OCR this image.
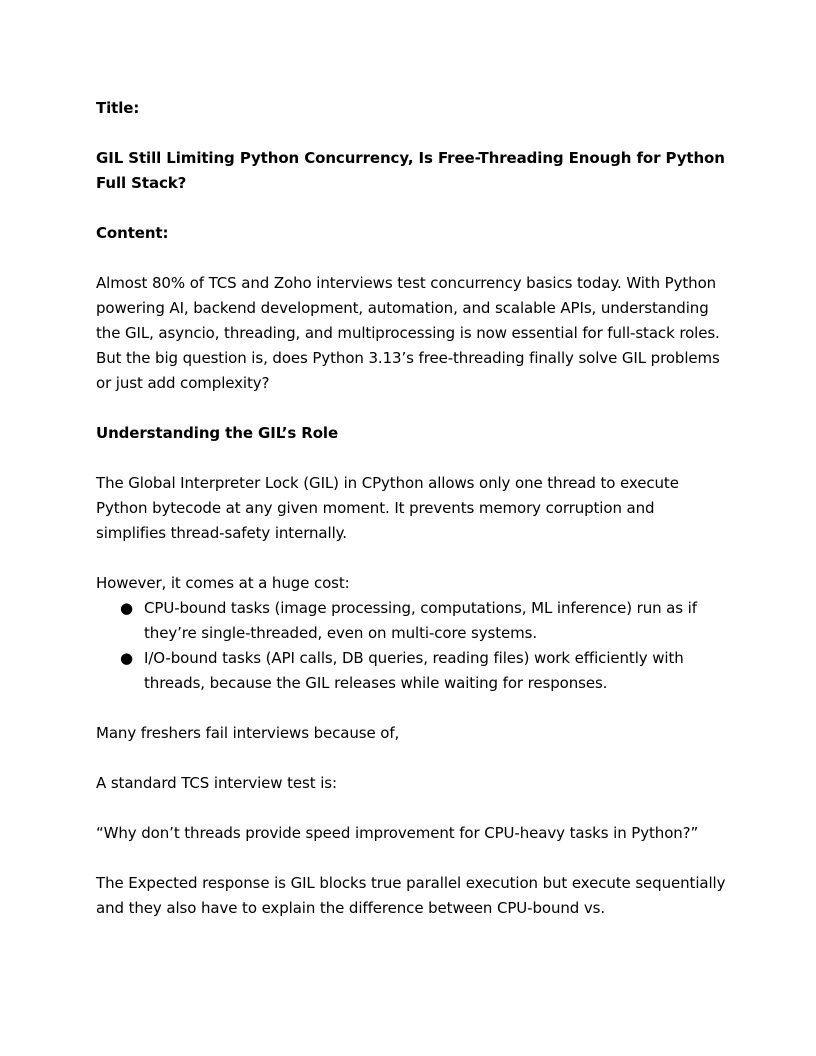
Title:

GIL Still Limiting Python Concurrency, Is Free-Threading Enough for Python Full Stack?

Content:

Almost 80% of TCS and Zoho interviews test concurrency basics today. With Python powering AI, backend development, automation, and scalable APIs, understanding the GIL, asyncio, threading, and multiprocessing is now essential for full-stack roles. But the big question is, does Python 3.13’s free-threading finally solve GIL problems or just add complexity?

Understanding the GIL’s Role

The Global Interpreter Lock (GIL) in CPython allows only one thread to execute Python bytecode at any given moment. It prevents memory corruption and simplifies thread-safety internally.

However, it comes at a huge cost:

● CPU-bound tasks (image processing, computations, ML inference) run as if they’re single-threaded, even on multi-core systems.
● I/O-bound tasks (API calls, DB queries, reading files) work efficiently with threads, because the GIL releases while waiting for responses.

Many freshers fail interviews because of,

A standard TCS interview test is:

“Why don’t threads provide speed improvement for CPU-heavy tasks in Python?”

The Expected response is GIL blocks true parallel execution but execute sequentially and they also have to explain the difference between CPU-bound vs.
